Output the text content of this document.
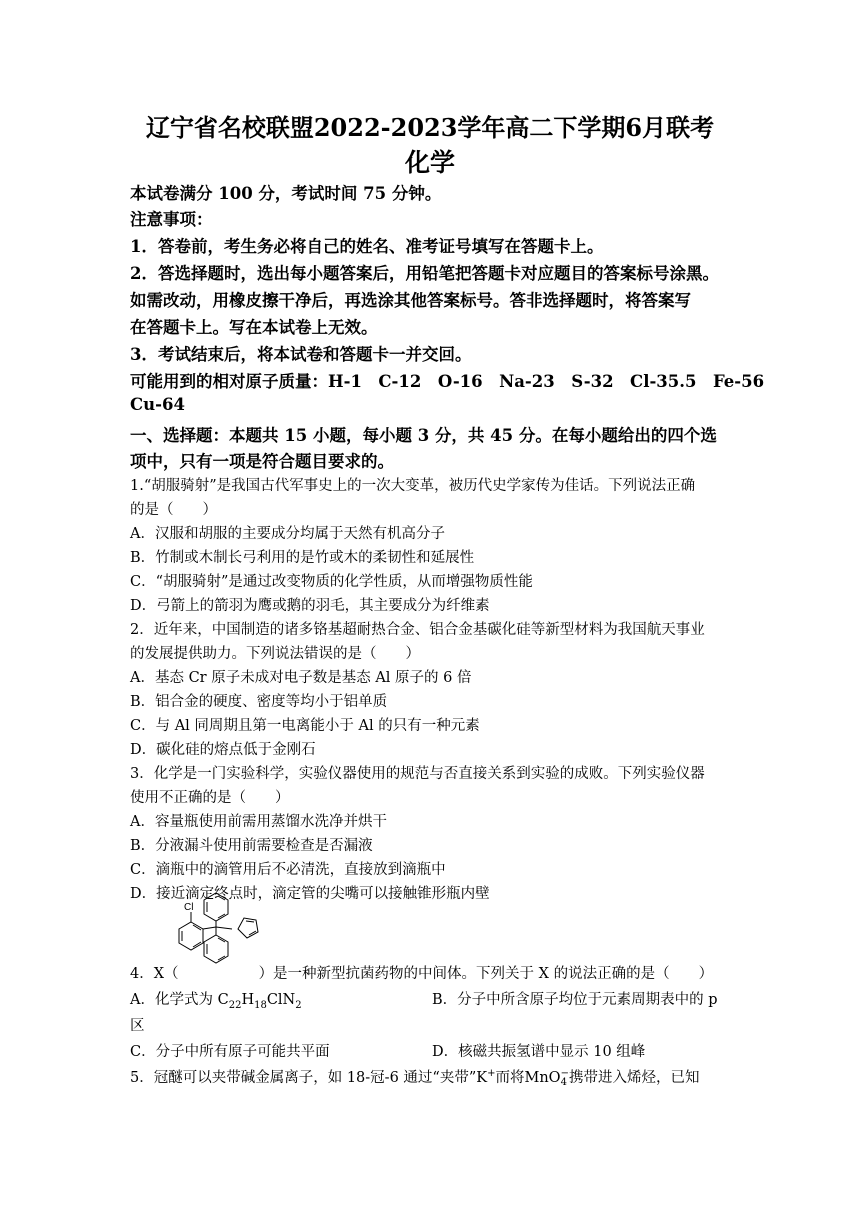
辽宁省名校联盟2022-2023学年高二下学期6月联考
化学
本试卷满分 100 分，考试时间 75 分钟。
注意事项：
1．答卷前，考生务必将自己的姓名、准考证号填写在答题卡上。
2．答选择题时，选出每小题答案后，用铅笔把答题卡对应题目的答案标号涂黑。
如需改动，用橡皮擦干净后，再选涂其他答案标号。答非选择题时，将答案写
在答题卡上。写在本试卷上无效。
3．考试结束后，将本试卷和答题卡一并交回。
可能用到的相对原子质量：H-1　C-12　O-16　Na-23　S-32　Cl-35.5　Fe-56
Cu-64
一、选择题：本题共 15 小题，每小题 3 分，共 45 分。在每小题给出的四个选
项中，只有一项是符合题目要求的。
1.“胡服骑射”是我国古代军事史上的一次大变革，被历代史学家传为佳话。下列说法正确
的是（　　）
A．汉服和胡服的主要成分均属于天然有机高分子
B．竹制或木制长弓利用的是竹或木的柔韧性和延展性
C．“胡服骑射”是通过改变物质的化学性质，从而增强物质性能
D．弓箭上的箭羽为鹰或鹅的羽毛，其主要成分为纤维素
2．近年来，中国制造的诸多铬基超耐热合金、铝合金基碳化硅等新型材料为我国航天事业
的发展提供助力。下列说法错误的是（　　）
A．基态 Cr 原子未成对电子数是基态 Al 原子的 6 倍
B．铝合金的硬度、密度等均小于铝单质
C．与 Al 同周期且第一电离能小于 Al 的只有一种元素
D．碳化硅的熔点低于金刚石
3．化学是一门实验科学，实验仪器使用的规范与否直接关系到实验的成败。下列实验仪器
使用不正确的是（　　）
A．容量瓶使用前需用蒸馏水洗净并烘干
B．分液漏斗使用前需要检查是否漏液
C．滴瓶中的滴管用后不必清洗，直接放到滴瓶中
D．接近滴定终点时，滴定管的尖嘴可以接触锥形瓶内壁
Cl
4．X（	）是一种新型抗菌药物的中间体。下列关于 X 的说法正确的是（　　）
A．化学式为 $C_{22}H_{18}ClN_2$	B．分子中所含原子均位于元素周期表中的 p
区
C．分子中所有原子可能共平面	D．核磁共振氢谱中显示 10 组峰
5．冠醚可以夹带碱金属离子，如 18-冠-6 通过“夹带”K+而将MnO −
4 携带进入烯烃，已知
